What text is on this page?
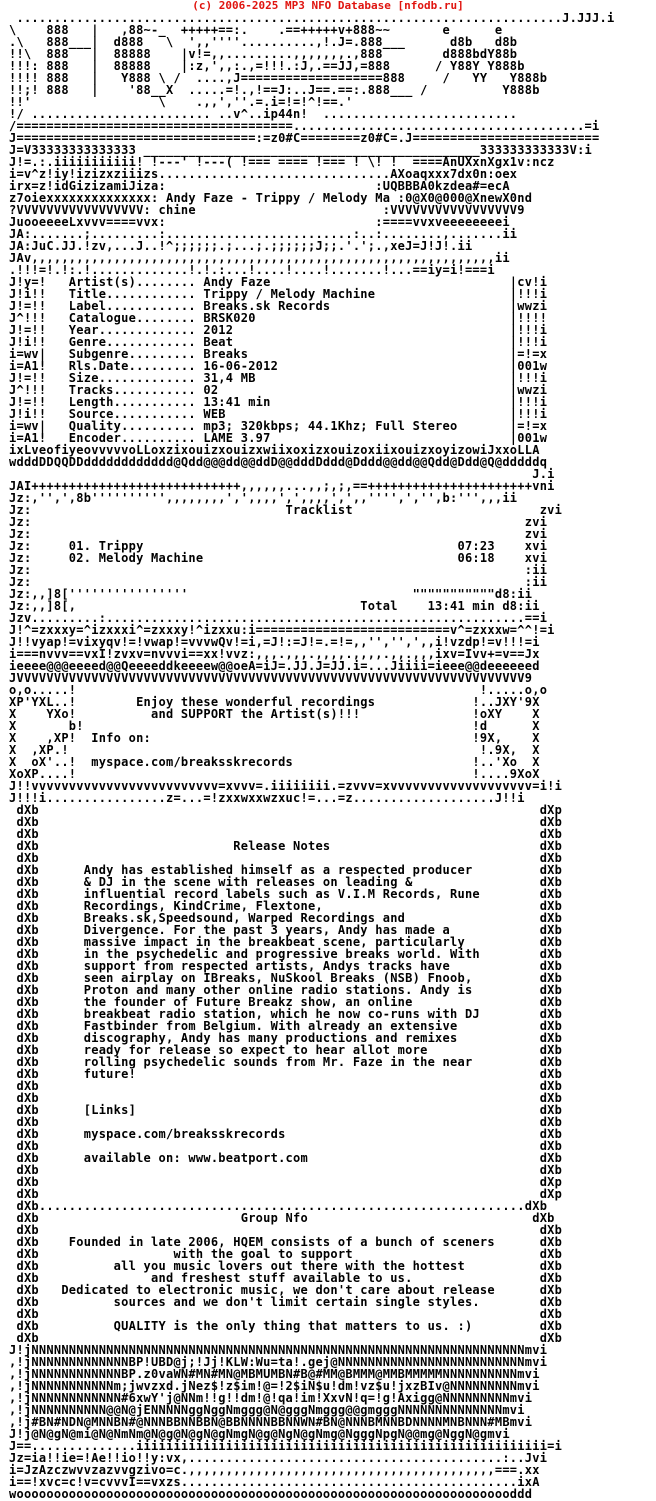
(c) 2006-2025 MP3 NFO Database [nfodb.ru]
.........................................................................J.JJJ.i
\    888   |   ,88~-_  +++++==:.    .==+++++v+888~~       e      e
.\   888___|  d888   \  ',,''''..........,!.J=.888___      d8b   d8b
!!\  888   |  88888    |v!=,,.........,,,,,,,.,888        d888bdY88b
!!!: 888   |  88888    |:z,',,:.,=!!!.:J,.==JJ,=888      / Y88Y Y888b
!!!! 888   |   Y888 \ /  ....,J===================888     /   YY   Y888b
!!;! 888   |    '88__X  .....=!.,!==J:..J==.==:.888___ /          Y888b
!!'                 \    .,,',''.=.i=!=!^!==.'
!/ ........................ ..v^..ip44n!  ..........................
/=====================================.......................................=i
J================================:=z0#C========z0#C=.J=========================
J=V33333333333333 _____________________________________________333333333333V:i
J!=.:.iiiiiiiiiii! !---' !---( !=== ==== !=== ! \! !  ====AnUXxnXgx1v:ncz
i=v^z!iy!izizxziiizs...............................AXoaqxxx7dx0n:oex
irx=z!idGizizamiJiza:                            :UQBBBA0kzdea#=ecA
z7oiexxxxxxxxxxxxxx: Andy Faze - Trippy / Melody Ma :0@X0@000@XnewX0nd
?VVVVVVVVVVVVVVVVV: chine                         :VVVVVVVVVVVVVVVVV9
JuooeeeeLxvvv====vvx:                            :====vvxveeeeeeeei
JA:.......;.........:.........................:..:........,.......ii
JA:JuC.JJ.!zv,...J..!^;;;;;;.;...;.;;;;;;J;;.'.';.,xeJ=J!J!.ii
JAv,,,,,,,,,,,,,,,,,,,,,,,,,,,,,,,,,,,,,,,,,,,,,,,,,,,,,,,,,,,,,,ii
.!!!=!.!:.!.............!.!.:...!....!....!.......!...==iy=i!===i
J!y=!   Artist(s)........ Andy Faze                                |cv!i
J!i!!   Title............ Trippy / Melody Machine                  |!!!i
J!=!!   Label............ Breaks.sk Records                        |wwzi
J^!!!   Catalogue........ BRSK020                                  |!!!!
J!=!!   Year............. 2012                                     |!!!i
J!i!!   Genre............ Beat                                     |!!!i
i=wv|   Subgenre......... Breaks                                   |=!=x
i=A1!   Rls.Date......... 16-06-2012                               |001w
J!=!!   Size............. 31,4 MB                                  |!!!i
J^!!!   Tracks........... 02                                       |wwzi
J!=!!   Length........... 13:41 min                                |!!!i
J!i!!   Source........... WEB                                      |!!!i
i=wv|   Quality.......... mp3; 320kbps; 44.1Khz; Full Stereo       |=!=x
i=A1!   Encoder.......... LAME 3.97                                |001w
ixLveofiyeovvvvvoLLoxzixouizxouizxwiixoxizxouizoxiixouizxoyizowiJxxoLLA
wdddDDQQDDdddddddddddd@Qdd@@@dd@@ddD@@dddDddd@Dddd@@dd@@Qdd@Ddd@Q@dddddq
J.i
JAI++++++++++++++++++++++++++++,,,,,,...,,;,;,==++++++++++++++++++++++vni
Jz:,'',',8b'''''''''',,,,,,,,',',,,,',',,,,',',,'''',','',b:''',,,ii
Jz:                                  Tracklist                         zvi
Jz:                                                                  zvi
Jz:                                                                  zvi
Jz:     01. Trippy                                          07:23    xvi
Jz:     02. Melody Machine                                  06:18    xvi
Jz:                                                                  :ii
Jz:                                                                  :ii
Jz:,,]8[''''''''''''''''                              """""""""""d8:ii
Jz:,,]8[,                                      Total    13:41 min d8:ii
Jzv.........:........................................................==i
J!^=zxxxy=^izxxxi^=zxxxy!^izxxu:i==========================v^=zxxxw=^^!=i
J!!vyap!=vixyqv!=!vwap!=vvvwQv!=i,=J!:=J!=.=!=,,'','',',,i!vzdp!=v!!!=i
i===nvvv==vxI!zvxv=nvvvi==xx!vvz:,,,.,,,.,,,,.,,,,.,,.,,,ixv=Ivv+=v==Jx
ieeee@@@eeeed@@Qeeeeddkeeeew@@oeA=iJ=.JJ.J=JJ.i=...Jiiii=ieee@@deeeeeed
JVVVVVVVVVVVVVVVVVVVVVVVVVVVVVVVVVVVVVVVVVVVVVVVVVVVVVVVVVVVVVVVVVVVV9
o,o.....!                                                      !.....o,o
XP'YXL..!        Enjoy these wonderful recordings             !..JXY'9X
X    YXo!          and SUPPORT the Artist(s)!!!               !oXY    X
X       b!                                                    !d      X
X    ,XP!  Info on:                                           !9X,    X
X  ,XP.!                                                       !.9X,  X
X  oX'..!  myspace.com/breaksskrecords                        !..'Xo  X
XoXP....!                                                     !....9XoX
J!!vvvvvvvvvvvvvvvvvvvvvvvvv=xvvv=.iiiiiiii.=zvvv=xvvvvvvvvvvvvvvvvvvv=i!i
J!!!i................z=...=!zxxwxxwzxuc!=...=z...................J!!i
dXb                                                                   dXp
dXb                                                                   dXb
dXb                                                                   dXb
dXb                          Release Notes                            dXb
dXb                                                                   dXb
dXb      Andy has established himself as a respected producer         dXb
dXb      & DJ in the scene with releases on leading &                 dXb
dXb      influential record labels such as V.I.M Records, Rune        dXb
dXb      Recordings, KindCrime, Flextone,                             dXb
dXb      Breaks.sk,Speedsound, Warped Recordings and                  dXb
dXb      Divergence. For the past 3 years, Andy has made a            dXb
dXb      massive impact in the breakbeat scene, particularly          dXb
dXb      in the psychedelic and progressive breaks world. With        dXb
dXb      support from respected artists, Andys tracks have            dXb
dXb      seen airplay on IBreaks, NuSkool Breaks (NSB) Fnoob,         dXb
dXb      Proton and many other online radio stations. Andy is         dXb
dXb      the founder of Future Breakz show, an online                 dXb
dXb      breakbeat radio station, which he now co-runs with DJ        dXb
dXb      Fastbinder from Belgium. With already an extensive           dXb
dXb      discography, Andy has many productions and remixes           dXb
dXb      ready for release so expect to hear allot more               dXb
dXb      rolling psychedelic sounds from Mr. Faze in the near         dXb
dXb      future!                                                      dXb
dXb                                                                   dXb
dXb                                                                   dXb
dXb      [Links]                                                      dXb
dXb                                                                   dXb
dXb      myspace.com/breaksskrecords                                  dXb
dXb                                                                   dXb
dXb      available on: www.beatport.com                               dXb
dXb                                                                   dXb
dXb                                                                   dXp
dXb                                                                   dXp
dXb.................................................................dXb
dXb                           Group Nfo                              dXb
dXb                                                                   dXb
dXb    Founded in late 2006, HQEM consists of a bunch of sceners      dXb
dXb                  with the goal to support                         dXb
dXb          all you music lovers out there with the hottest          dXb
dXb               and freshest stuff available to us.                 dXb
dXb   Dedicated to electronic music, we don't care about release      dXb
dXb          sources and we don't limit certain single styles.        dXb
dXb                                                                   dXb
dXb          QUALITY is the only thing that matters to us. :)         dXb
dXb                                                                   dXb
J!jNNNNNNNNNNNNNNNNNNNNNNNNNNNNNNNNNNNNNNNNNNNNNNNNNNNNNNNNNNNNNNNNNNmvi
,!jNNNNNNNNNNNNNBP!UBD@j;!Jj!KLW:Wu=ta!.gej@NNNNNNNNNNNNNNNNNNNNNNNNNmvi
,!jNNNNNNNNNNNNBP.z0vaWN#MN#MN@MBMUMBN#B@#MM@BMMM@MMBMMMMMNNNNNNNNNNmvi
,!jNNNNNNNNNNNm;jwvzxd.jNez$!z$im!@=!2$iN$u!dm!vz$u!jxzBIv@NNNNNNNNNmvi
,!jNNNNNNNNNNNN#6xwY'j@NNm!!g!!dm!@!qa!im!XxvN!q=!g!Axigg@NNNNNNNNNmvi
,!jNNNNNNNNNN@@N@jENNNNNggNggNmggg@N@gggNmggg@@gmgggNNNNNNNNNNNNNNmvi
,!j#BN#NDN@MNNBN#@NNNBBNNBBN@BBNNNNBBNNWN#BN@NNNBMNNBDNNNNMNBNNN#MBmvi
J!j@N@gN@mi@N@NmNm@N@g@N@gN@gNmgN@g@NgN@gNmg@NgggNpgN@@mg@NggN@gmvi
J==..............iiiiiiiiiiiiiiiiiiiiiiiiiiiiiiiiiiiiiiiiiiiiiiiiiiiiiii=i
Jz=ia!!ie=!Ae!!io!!y:vx,..........................................:..Jvi
i=JzAzczwvvzazvvgzivo=c.,,,,,,,,,,,,,,,,,,,,,,,,,,,,,,,,,,,,,,,,,===.xx
i==!xvc=c!v=cvvvI==vxzs.............................................ixA
wooooooooooooooooooooooooooooooooooooooooooooooooooooooooooooooooooddd
